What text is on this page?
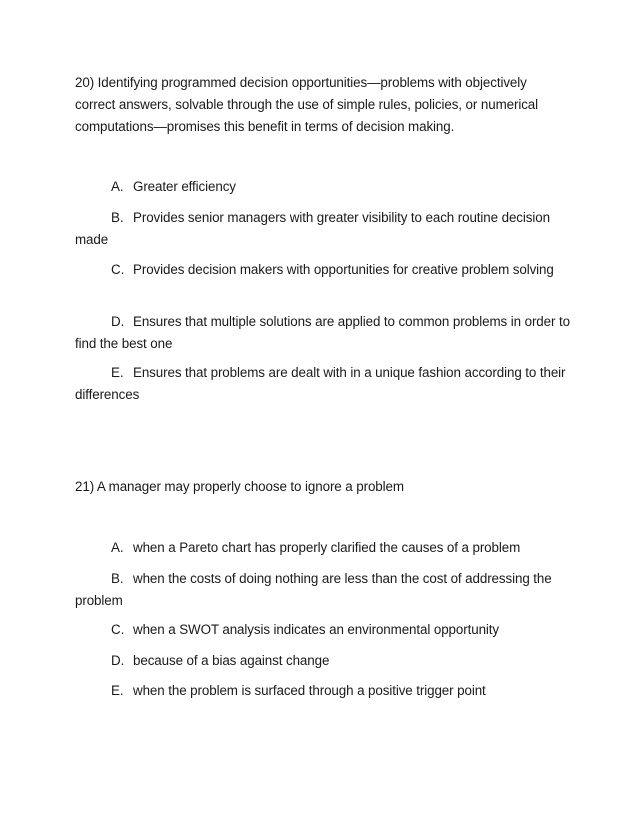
20) Identifying programmed decision opportunities—problems with objectively correct answers, solvable through the use of simple rules, policies, or numerical computations—promises this benefit in terms of decision making.
A. Greater efficiency
B. Provides senior managers with greater visibility to each routine decision made
C. Provides decision makers with opportunities for creative problem solving
D. Ensures that multiple solutions are applied to common problems in order to find the best one
E. Ensures that problems are dealt with in a unique fashion according to their differences
21) A manager may properly choose to ignore a problem
A. when a Pareto chart has properly clarified the causes of a problem
B. when the costs of doing nothing are less than the cost of addressing the problem
C. when a SWOT analysis indicates an environmental opportunity
D. because of a bias against change
E. when the problem is surfaced through a positive trigger point
